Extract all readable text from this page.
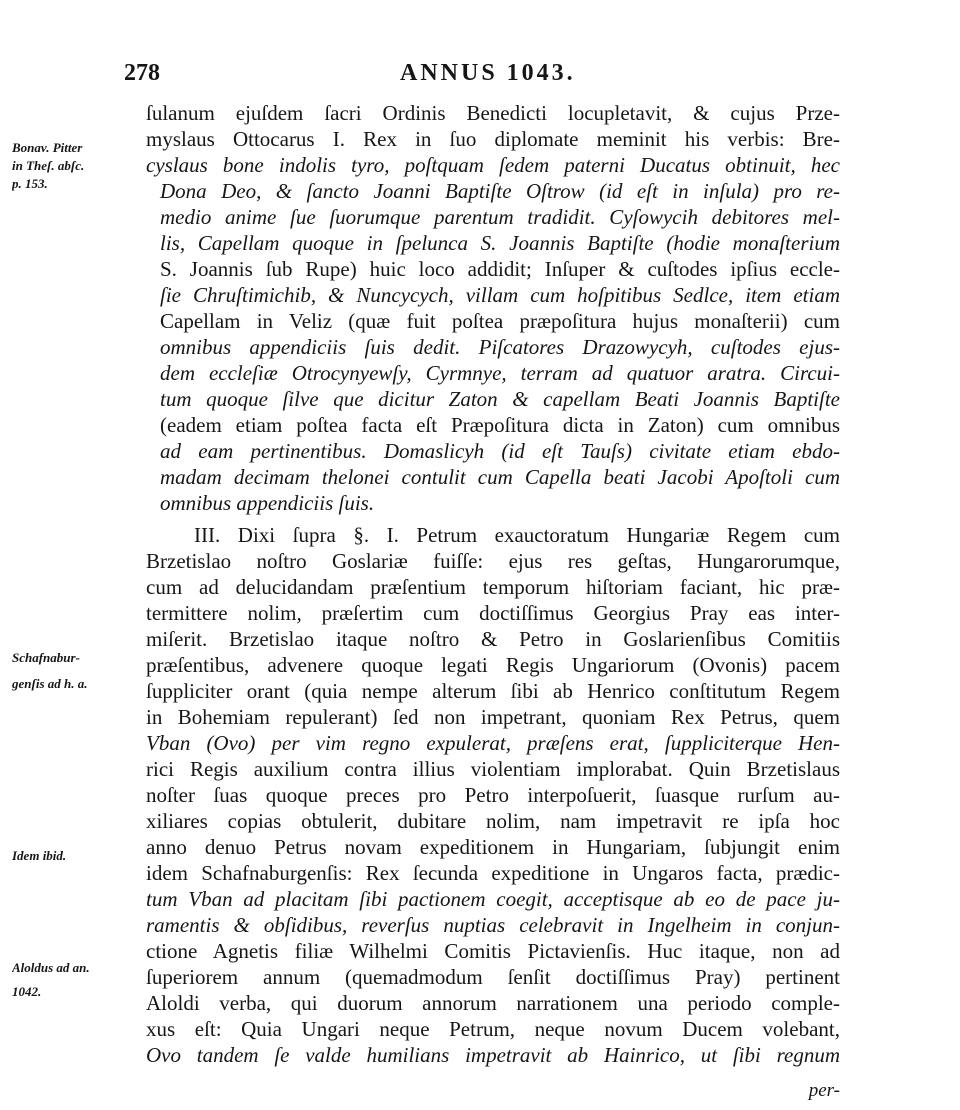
278	ANNUS 1043.
Bonav. Pitter
in Theſ. abſc.
p. 153.
Schafnabur-
genſis ad h. a.
Idem ibid.
Aloldus ad an.
1042.
ſulanum ejuſdem ſacri Ordinis Benedicti locupletavit, & cujus Prze-
myslaus Ottocarus I. Rex in ſuo diplomate meminit his verbis: Bre-
cyslaus bone indolis tyro, poſtquam ſedem paterni Ducatus obtinuit, hec
Dona Deo, & ſancto Joanni Baptiſte Oſtrow (id eſt in inſula) pro re-
medio anime ſue ſuorumque parentum tradidit. Cyſowycih debitores mel-
lis, Capellam quoque in ſpelunca S. Joannis Baptiſte (hodie monaſterium
S. Joannis ſub Rupe) huic loco addidit; Inſuper & cuſtodes ipſius eccle-
ſie Chruſtimichib, & Nuncycych, villam cum hoſpitibus Sedlce, item etiam
Capellam in Veliz (quæ fuit poſtea præpoſitura hujus monaſterii) cum
omnibus appendiciis ſuis dedit. Piſcatores Drazowycyh, cuſtodes ejus-
dem eccleſiæ Otrocynyewſy, Cyrmnye, terram ad quatuor aratra. Circui-
tum quoque ſilve que dicitur Zaton & capellam Beati Joannis Baptiſte
(eadem etiam poſtea facta eſt Præpoſitura dicta in Zaton) cum omnibus
ad eam pertinentibus. Domaslicyh (id eſt Tauſs) civitate etiam ebdo-
madam decimam thelonei contulit cum Capella beati Jacobi Apoſtoli cum
omnibus appendiciis ſuis.
III. Dixi ſupra §. I. Petrum exauctoratum Hungariæ Regem cum
Brzetislao noſtro Goslariæ fuiſſe: ejus res geſtas, Hungarorumque,
cum ad delucidandam præſentium temporum hiſtoriam faciant, hic præ-
termittere nolim, præſertim cum doctiſſimus Georgius Pray eas inter-
miſerit. Brzetislao itaque noſtro & Petro in Goslarienſibus Comitiis
præſentibus, advenere quoque legati Regis Ungariorum (Ovonis) pacem
ſuppliciter orant (quia nempe alterum ſibi ab Henrico conſtitutum Regem
in Bohemiam repulerant) ſed non impetrant, quoniam Rex Petrus, quem
Vban (Ovo) per vim regno expulerat, præſens erat, ſuppliciterque Hen-
rici Regis auxilium contra illius violentiam implorabat. Quin Brzetislaus
noſter ſuas quoque preces pro Petro interpoſuerit, ſuasque rurſum au-
xiliares copias obtulerit, dubitare nolim, nam impetravit re ipſa hoc
anno denuo Petrus novam expeditionem in Hungariam, ſubjungit enim
idem Schafnaburgenſis: Rex ſecunda expeditione in Ungaros facta, prædic-
tum Vban ad placitam ſibi pactionem coegit, acceptisque ab eo de pace ju-
ramentis & obſidibus, reverſus nuptias celebravit in Ingelheim in conjun-
ctione Agnetis filiæ Wilhelmi Comitis Pictavienſis. Huc itaque, non ad
ſuperiorem annum (quemadmodum ſenſit doctiſſimus Pray) pertinent
Aloldi verba, qui duorum annorum narrationem una periodo comple-
xus eſt: Quia Ungari neque Petrum, neque novum Ducem volebant,
Ovo tandem ſe valde humilians impetravit ab Hainrico, ut ſibi regnum
per-
